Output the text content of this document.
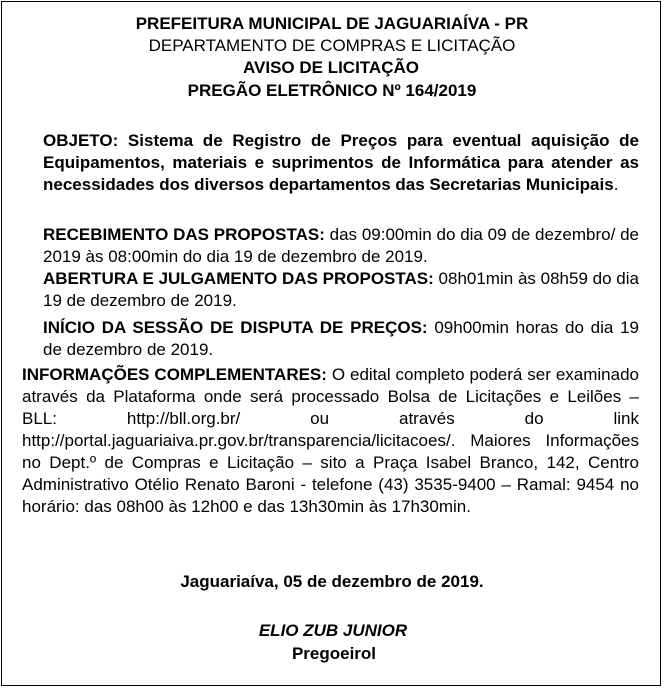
PREFEITURA MUNICIPAL DE JAGUARIAÍVA - PR
DEPARTAMENTO DE COMPRAS E LICITAÇÃO
AVISO DE LICITAÇÃO
PREGÃO ELETRÔNICO Nº 164/2019
OBJETO: Sistema de Registro de Preços para eventual aquisição de Equipamentos, materiais e suprimentos de Informática para atender as necessidades dos diversos departamentos das Secretarias Municipais.
RECEBIMENTO DAS PROPOSTAS: das 09:00min do dia 09 de dezembro/ de 2019 às 08:00min do dia 19 de dezembro de 2019.
ABERTURA E JULGAMENTO DAS PROPOSTAS: 08h01min às 08h59 do dia 19 de dezembro de 2019.
INÍCIO DA SESSÃO DE DISPUTA DE PREÇOS: 09h00min horas do dia 19 de dezembro de 2019.
INFORMAÇÕES COMPLEMENTARES: O edital completo poderá ser examinado através da Plataforma onde será processado Bolsa de Licitações e Leilões – BLL: http://bll.org.br/ ou através do link http://portal.jaguariaiva.pr.gov.br/transparencia/licitacoes/. Maiores Informações no Dept.º de Compras e Licitação – sito a Praça Isabel Branco, 142, Centro Administrativo Otélio Renato Baroni - telefone (43) 3535-9400 – Ramal: 9454 no horário: das 08h00 às 12h00 e das 13h30min às 17h30min.
Jaguariaíva, 05 de dezembro de 2019.
ELIO ZUB JUNIOR
Pregoeirol
